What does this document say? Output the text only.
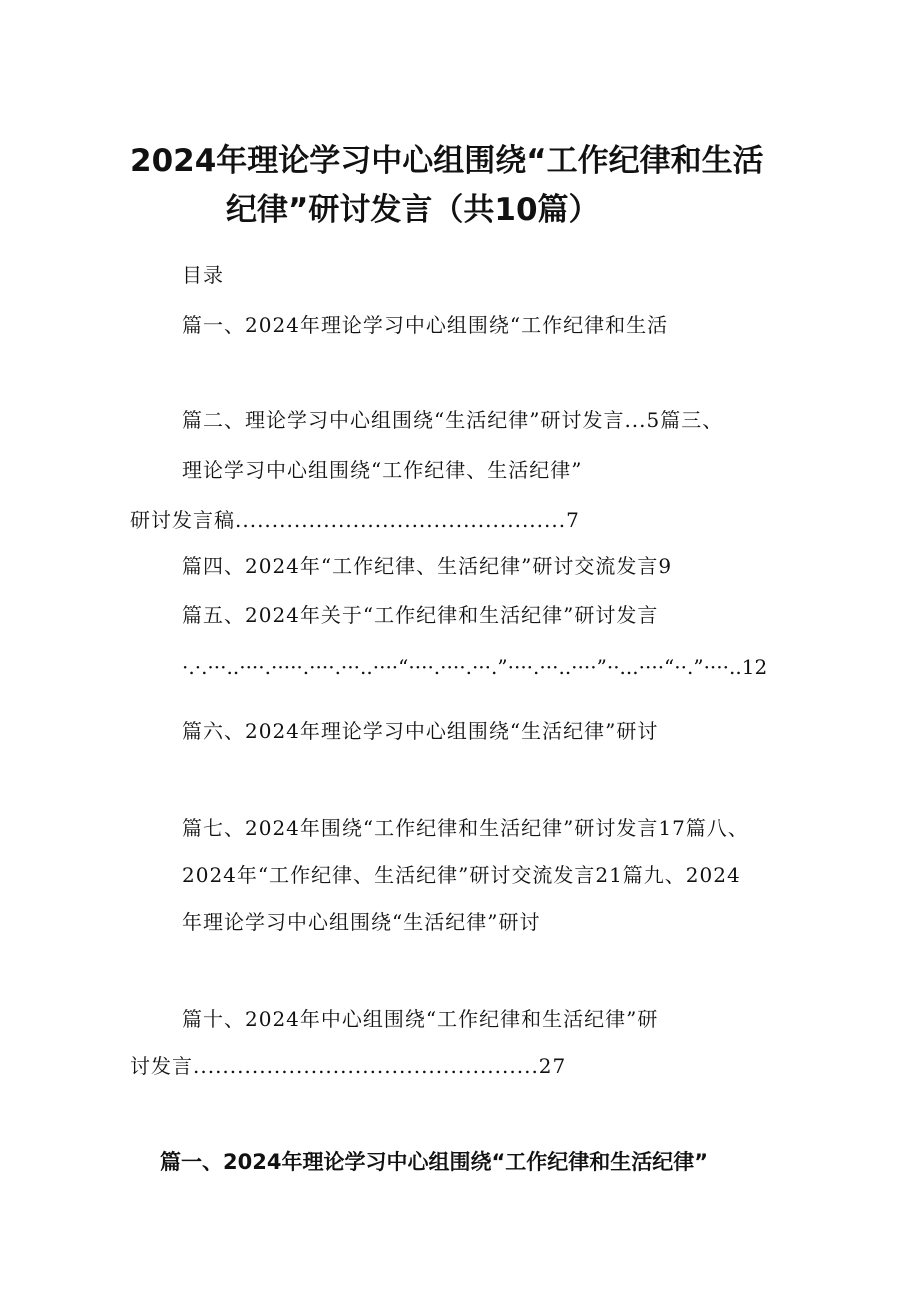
2024年理论学习中心组围绕“工作纪律和生活
纪律”研讨发言（共10篇）
目录
篇一、2024年理论学习中心组围绕“工作纪律和生活
篇二、理论学习中心组围绕“生活纪律”研讨发言...5篇三、
理论学习中心组围绕“工作纪律、生活纪律”
研讨发言稿.............................................7
篇四、2024年“工作纪律、生活纪律”研讨交流发言9
篇五、2024年关于“工作纪律和生活纪律”研讨发言
·.·.···..····.·····.····.···..····“····.····.···.”····.···..····”··...····“··.”····..12
篇六、2024年理论学习中心组围绕“生活纪律”研讨
篇七、2024年围绕“工作纪律和生活纪律”研讨发言17篇八、
2024年“工作纪律、生活纪律”研讨交流发言21篇九、2024
年理论学习中心组围绕“生活纪律”研讨
篇十、2024年中心组围绕“工作纪律和生活纪律”研
讨发言...............................................27
篇一、2024年理论学习中心组围绕“工作纪律和生活纪律”
